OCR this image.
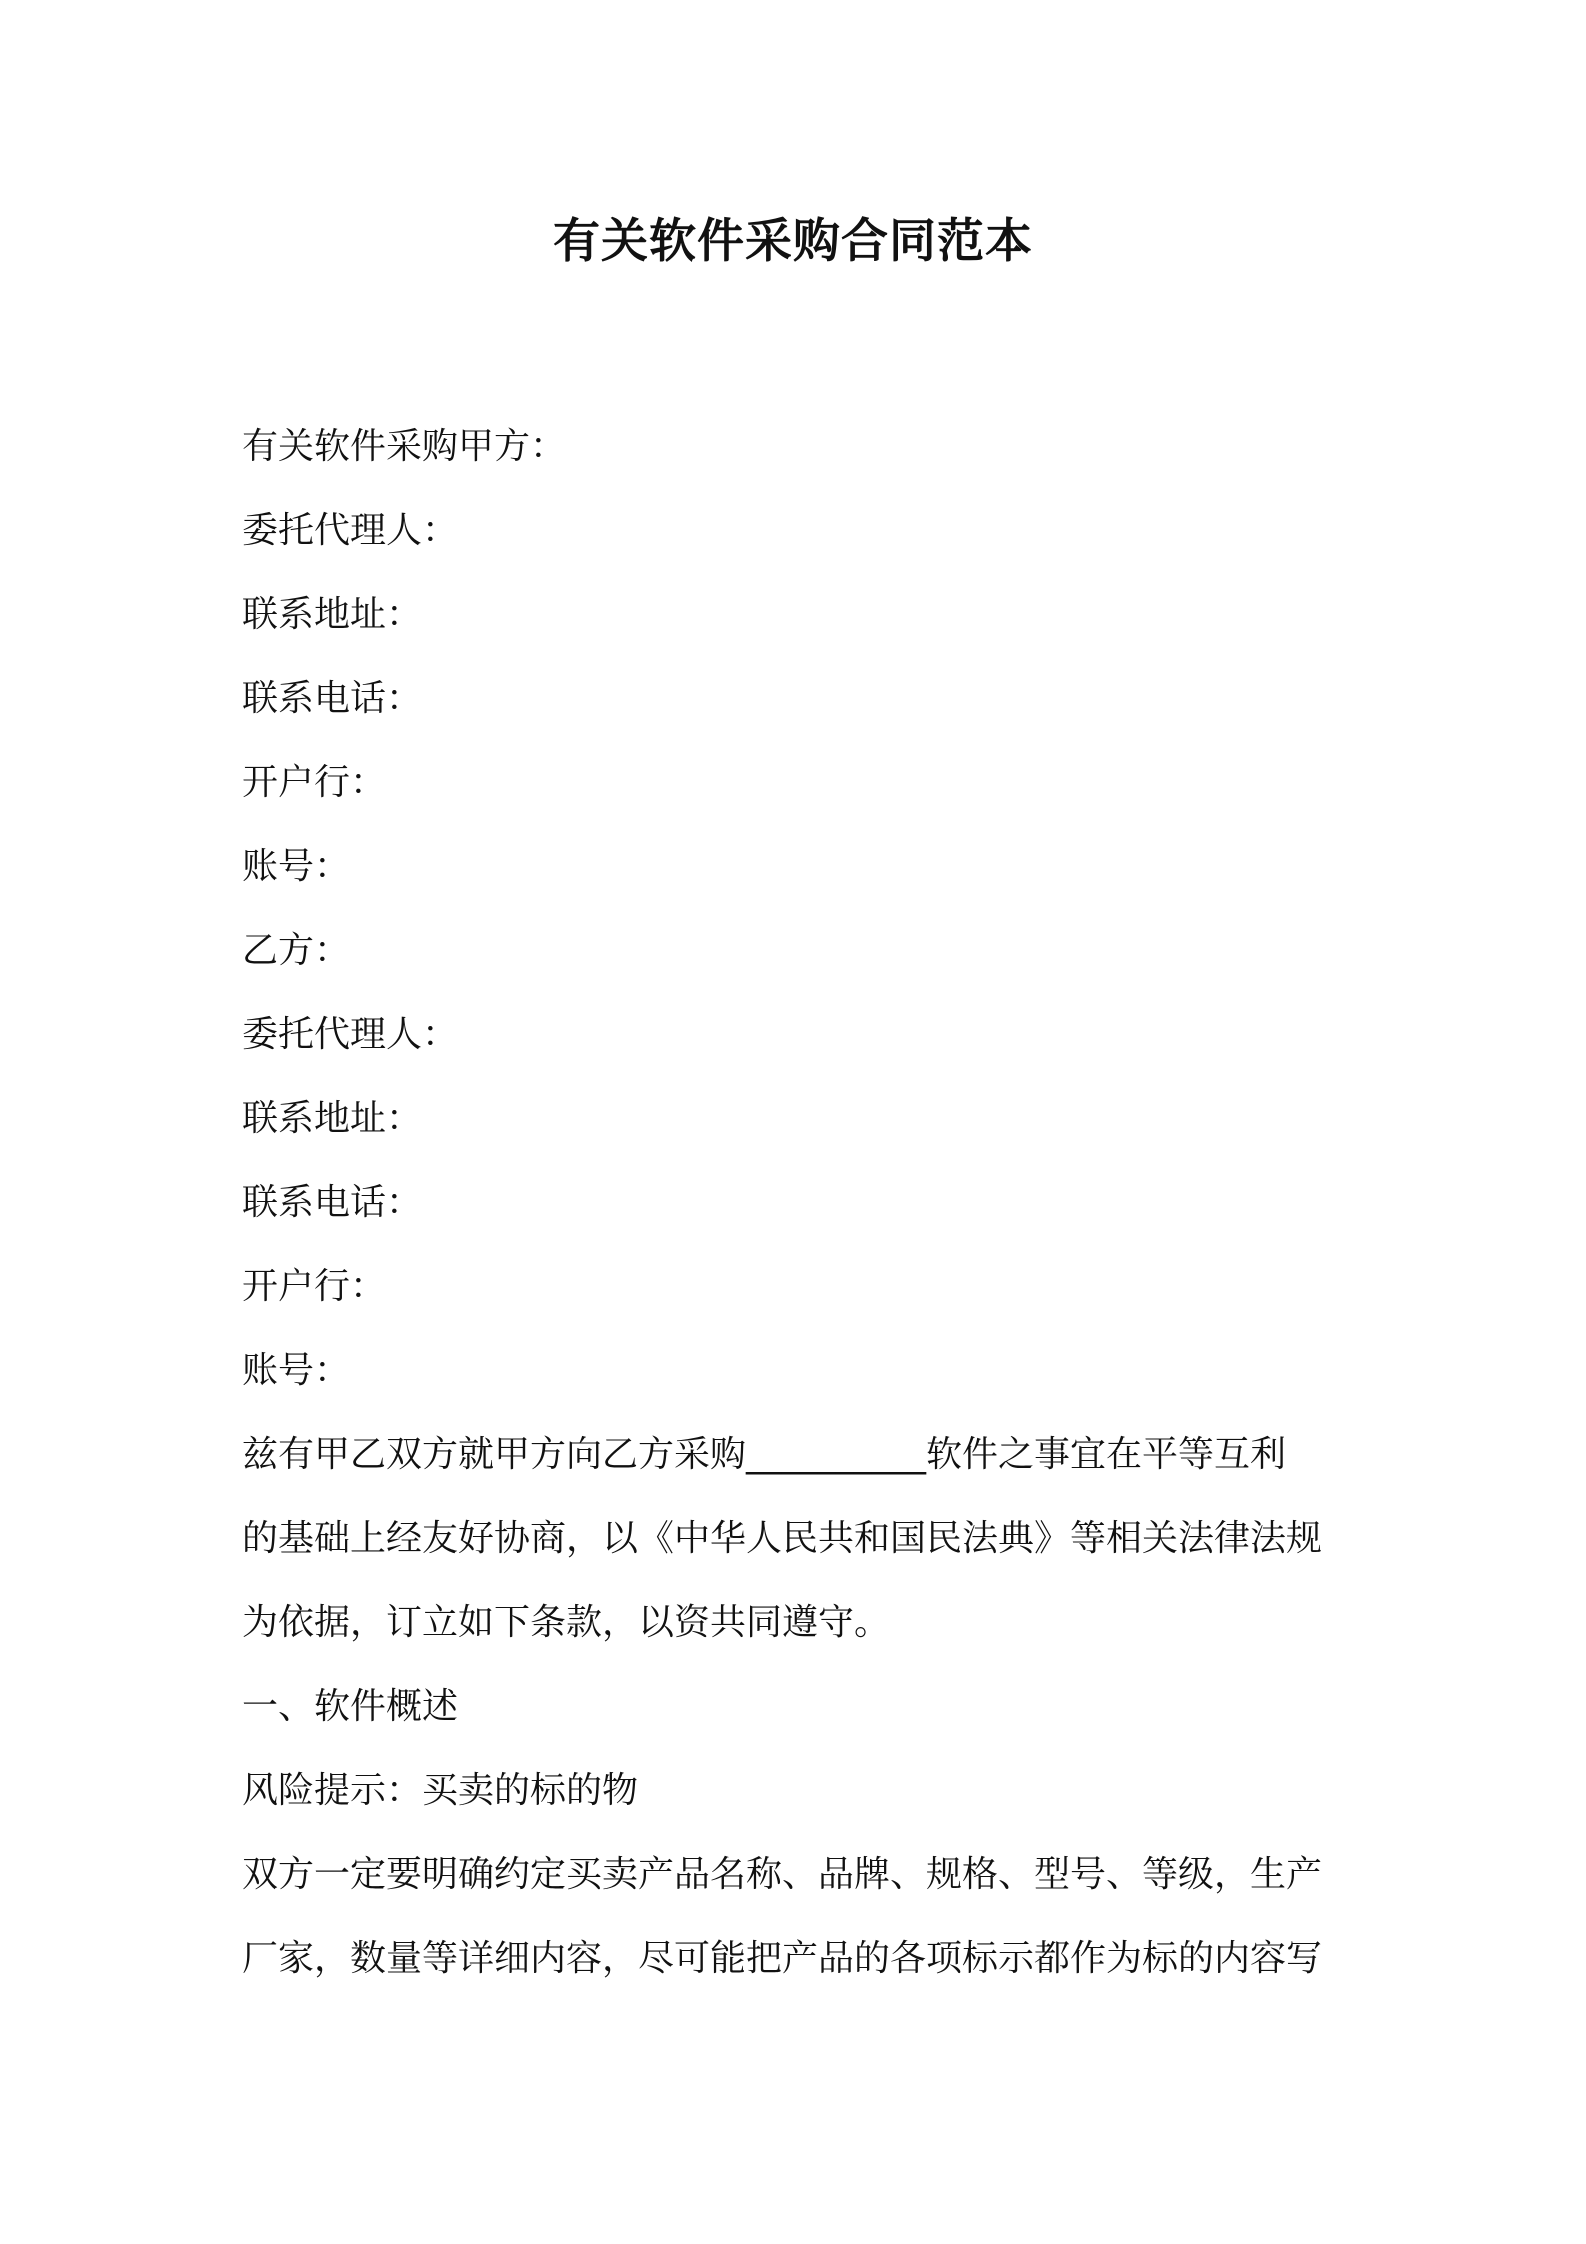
有关软件采购合同范本
有关软件采购甲方：
委托代理人：
联系地址：
联系电话：
开户行：
账号：
乙方：
委托代理人：
联系地址：
联系电话：
开户行：
账号：
兹有甲乙双方就甲方向乙方采购__________软件之事宜在平等互利
的基础上经友好协商，以《中华人民共和国民法典》等相关法律法规
为依据，订立如下条款，以资共同遵守。
一、软件概述
风险提示：买卖的标的物
双方一定要明确约定买卖产品名称、品牌、规格、型号、等级，生产
厂家，数量等详细内容，尽可能把产品的各项标示都作为标的内容写
